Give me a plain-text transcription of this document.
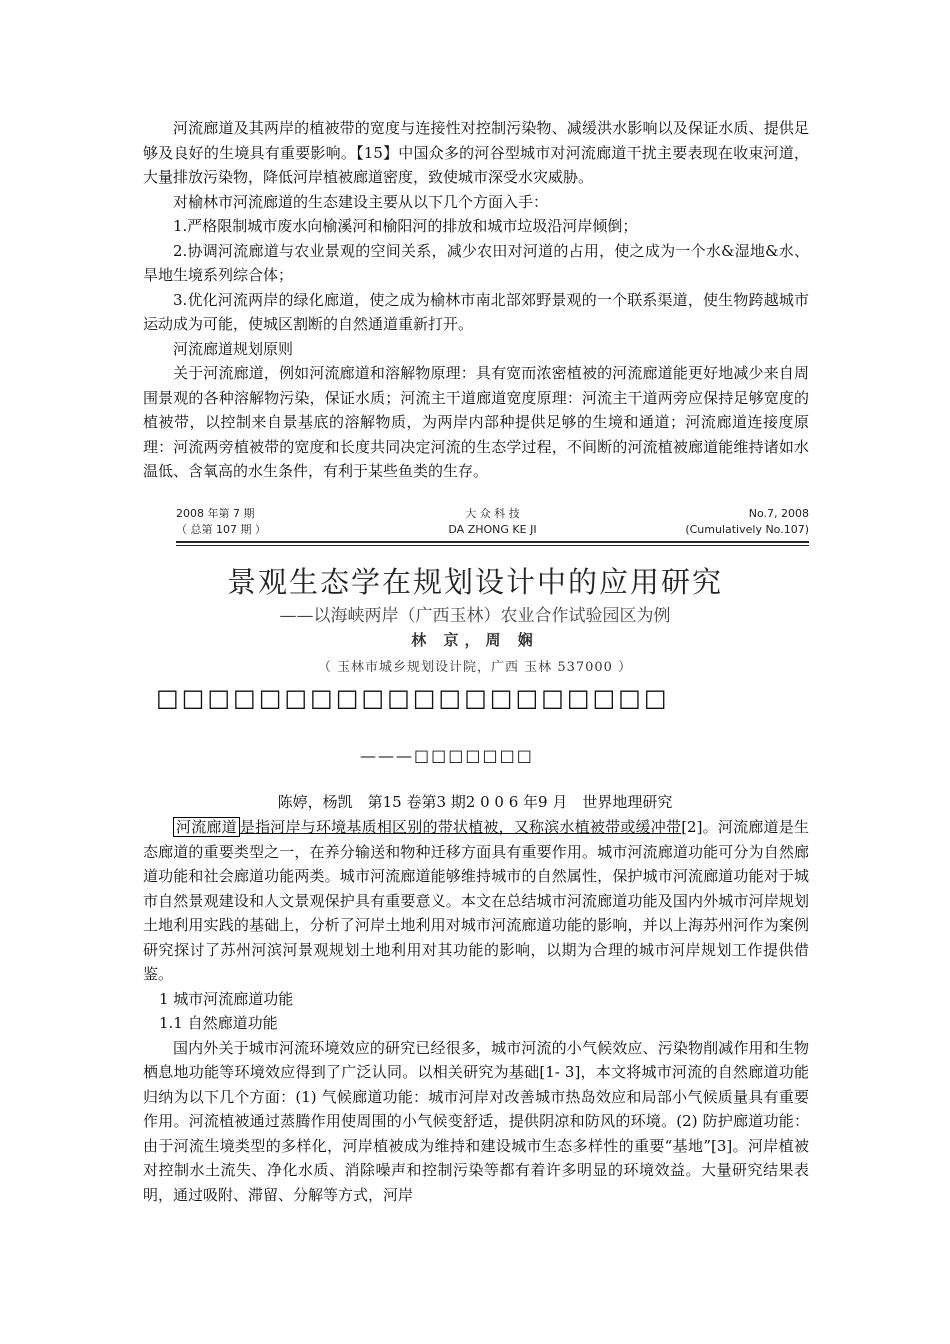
河流廊道及其两岸的植被带的宽度与连接性对控制污染物、减缓洪水影响以及保证水质、提供足够及良好的生境具有重要影响。【15】中国众多的河谷型城市对河流廊道干扰主要表现在收束河道，大量排放污染物，降低河岸植被廊道密度，致使城市深受水灾威胁。

对榆林市河流廊道的生态建设主要从以下几个方面入手：

1.严格限制城市废水向榆溪河和榆阳河的排放和城市垃圾沿河岸倾倒；

2.协调河流廊道与农业景观的空间关系，减少农田对河道的占用，使之成为一个水&湿地&水、旱地生境系列综合体；

3.优化河流两岸的绿化廊道，使之成为榆林市南北部郊野景观的一个联系渠道，使生物跨越城市运动成为可能，使城区割断的自然通道重新打开。

河流廊道规划原则

关于河流廊道，例如河流廊道和溶解物原理：具有宽而浓密植被的河流廊道能更好地减少来自周围景观的各种溶解物污染，保证水质；河流主干道廊道宽度原理：河流主干道两旁应保持足够宽度的植被带，以控制来自景基底的溶解物质，为两岸内部种提供足够的生境和通道；河流廊道连接度原理：河流两旁植被带的宽度和长度共同决定河流的生态学过程，不间断的河流植被廊道能维持诸如水温低、含氧高的水生条件，有利于某些鱼类的生存。

2008 年第 7 期
（ 总第 107 期 ）
大 众 科 技
DA ZHONG KE JI
No.7, 2008
(Cumulatively No.107)
景观生态学在规划设计中的应用研究
——以海峡两岸（广西玉林）农业合作试验园区为例
林 京，周 娴
（ 玉林市城乡规划设计院，广西 玉林 537000 ）
□□□□□□□□□□□□□□□□□□□□
———□□□□□□□
陈婷，杨凯　第15 卷第3 期2 0 0 6 年9 月　世界地理研究

河流廊道 是指河岸与环境基质相区别的带状植被，又称滨水植被带或缓冲带[2]。河流廊道是生态廊道的重要类型之一，在养分输送和物种迁移方面具有重要作用。城市河流廊道功能可分为自然廊道功能和社会廊道功能两类。城市河流廊道能够维持城市的自然属性，保护城市河流廊道功能对于城市自然景观建设和人文景观保护具有重要意义。本文在总结城市河流廊道功能及国内外城市河岸规划土地利用实践的基础上，分析了河岸土地利用对城市河流廊道功能的影响，并以上海苏州河作为案例研究探讨了苏州河滨河景观规划土地利用对其功能的影响，以期为合理的城市河岸规划工作提供借鉴。

1 城市河流廊道功能

1.1 自然廊道功能

国内外关于城市河流环境效应的研究已经很多，城市河流的小气候效应、污染物削减作用和生物栖息地功能等环境效应得到了广泛认同。以相关研究为基础[1- 3]，本文将城市河流的自然廊道功能归纳为以下几个方面：(1) 气候廊道功能：城市河岸对改善城市热岛效应和局部小气候质量具有重要作用。河流植被通过蒸腾作用使周围的小气候变舒适，提供阴凉和防风的环境。(2) 防护廊道功能：由于河流生境类型的多样化，河岸植被成为维持和建设城市生态多样性的重要“基地”[3]。河岸植被对控制水土流失、净化水质、消除噪声和控制污染等都有着许多明显的环境效益。大量研究结果表明，通过吸附、滞留、分解等方式，河岸
